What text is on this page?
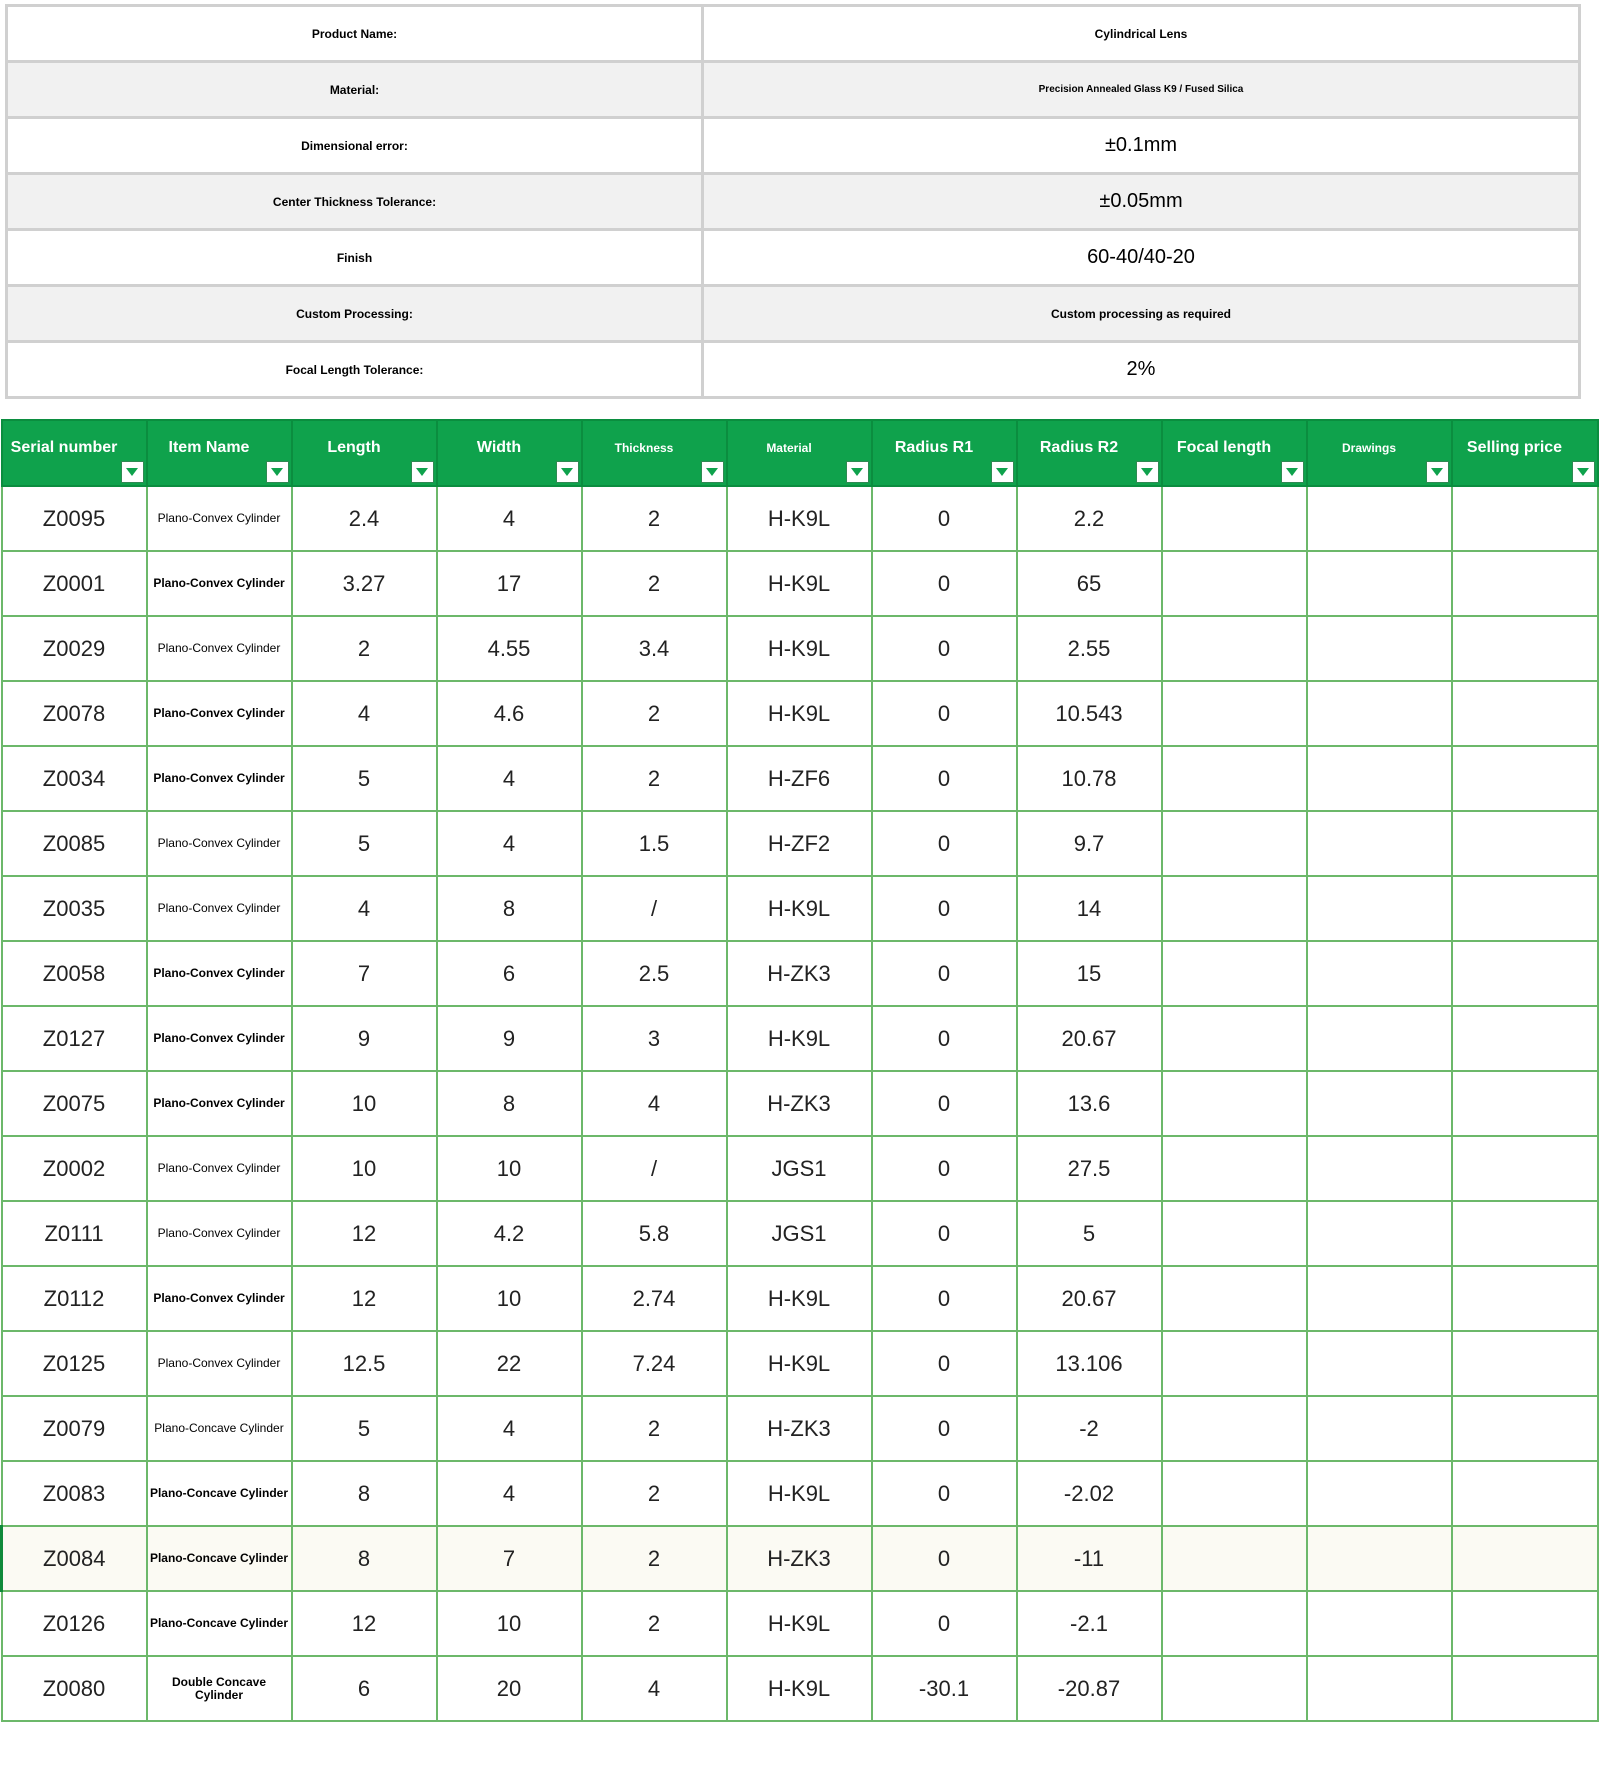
Product Name:	Cylindrical Lens
Material:	Precision Annealed Glass K9 / Fused Silica
Dimensional error:	±0.1mm
Center Thickness Tolerance:	±0.05mm
Finish	60-40/40-20
Custom Processing:	Custom processing as required
Focal Length Tolerance:	2%
Serial number	Item Name	Length	Width	Thickness	Material	Radius R1	Radius R2	Focal length	Drawings	Selling price

Z0095	Plano-Convex Cylinder	2.4	4	2	H-K9L	0	2.2			
Z0001	Plano-Convex Cylinder	3.27	17	2	H-K9L	0	65			
Z0029	Plano-Convex Cylinder	2	4.55	3.4	H-K9L	0	2.55			
Z0078	Plano-Convex Cylinder	4	4.6	2	H-K9L	0	10.543			
Z0034	Plano-Convex Cylinder	5	4	2	H-ZF6	0	10.78			
Z0085	Plano-Convex Cylinder	5	4	1.5	H-ZF2	0	9.7			
Z0035	Plano-Convex Cylinder	4	8	/	H-K9L	0	14			
Z0058	Plano-Convex Cylinder	7	6	2.5	H-ZK3	0	15			
Z0127	Plano-Convex Cylinder	9	9	3	H-K9L	0	20.67			
Z0075	Plano-Convex Cylinder	10	8	4	H-ZK3	0	13.6			
Z0002	Plano-Convex Cylinder	10	10	/	JGS1	0	27.5			
Z0111	Plano-Convex Cylinder	12	4.2	5.8	JGS1	0	5			
Z0112	Plano-Convex Cylinder	12	10	2.74	H-K9L	0	20.67			
Z0125	Plano-Convex Cylinder	12.5	22	7.24	H-K9L	0	13.106			
Z0079	Plano-Concave Cylinder	5	4	2	H-ZK3	0	-2			
Z0083	Plano-Concave Cylinder	8	4	2	H-K9L	0	-2.02			
Z0084	Plano-Concave Cylinder	8	7	2	H-ZK3	0	-11			
Z0126	Plano-Concave Cylinder	12	10	2	H-K9L	0	-2.1			
Z0080	Double Concave Cylinder	6	20	4	H-K9L	-30.1	-20.87			
